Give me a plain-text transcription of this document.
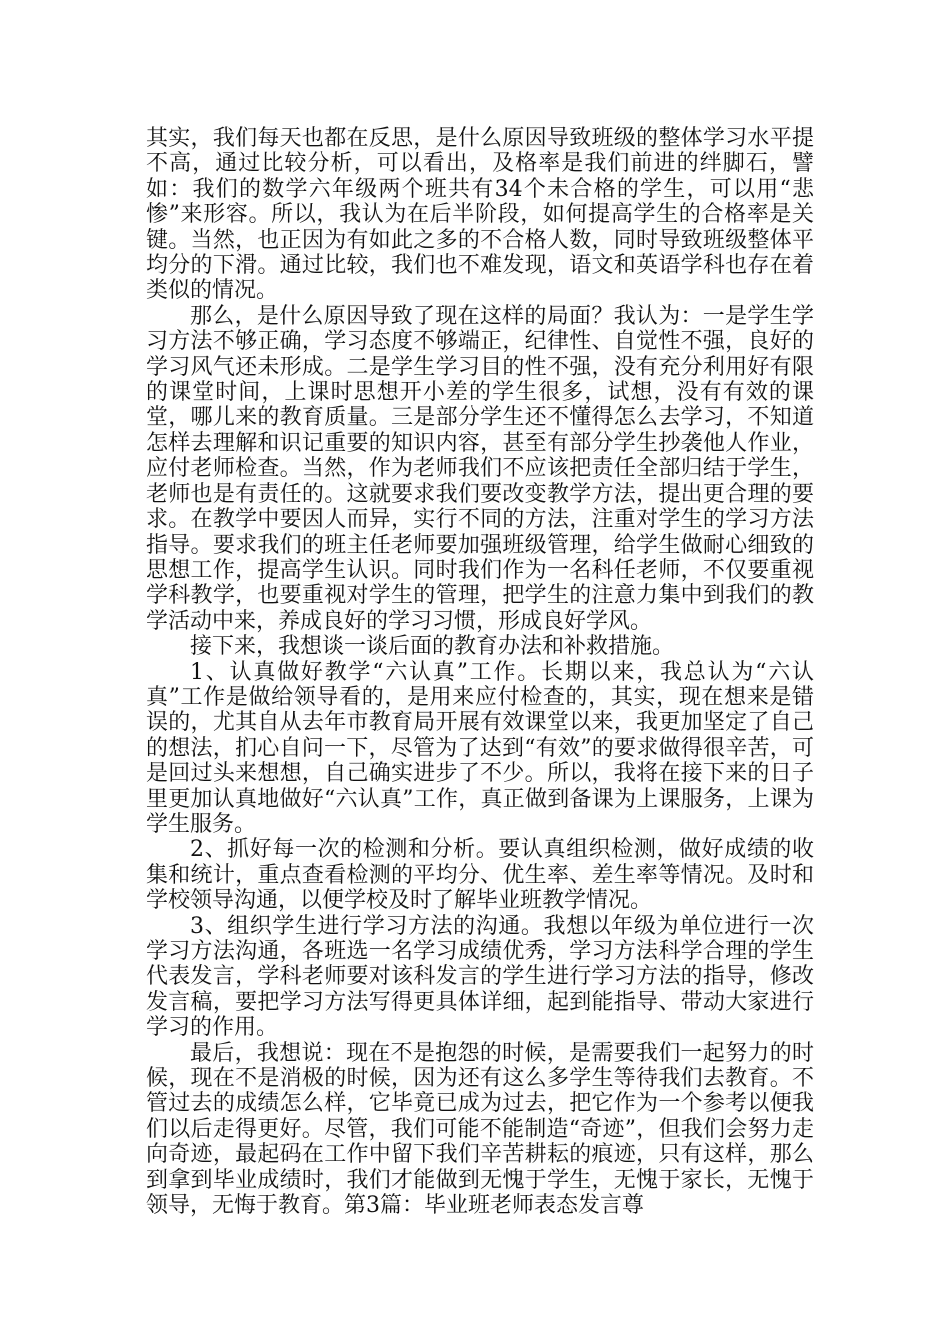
其实，我们每天也都在反思，是什么原因导致班级的整体学习水平提不高，通过比较分析，可以看出，及格率是我们前进的绊脚石，譬如：我们的数学六年级两个班共有34个未合格的学生，可以用“悲惨”来形容。所以，我认为在后半阶段，如何提高学生的合格率是关键。当然，也正因为有如此之多的不合格人数，同时导致班级整体平均分的下滑。通过比较，我们也不难发现，语文和英语学科也存在着类似的情况。

那么，是什么原因导致了现在这样的局面？我认为：一是学生学习方法不够正确，学习态度不够端正，纪律性、自觉性不强，良好的学习风气还未形成。二是学生学习目的性不强，没有充分利用好有限的课堂时间，上课时思想开小差的学生很多，试想，没有有效的课堂，哪儿来的教育质量。三是部分学生还不懂得怎么去学习，不知道怎样去理解和识记重要的知识内容，甚至有部分学生抄袭他人作业，应付老师检查。当然，作为老师我们不应该把责任全部归结于学生，老师也是有责任的。这就要求我们要改变教学方法，提出更合理的要求。在教学中要因人而异，实行不同的方法，注重对学生的学习方法指导。要求我们的班主任老师要加强班级管理，给学生做耐心细致的思想工作，提高学生认识。同时我们作为一名科任老师，不仅要重视学科教学，也要重视对学生的管理，把学生的注意力集中到我们的教学活动中来，养成良好的学习习惯，形成良好学风。

接下来，我想谈一谈后面的教育办法和补救措施。

1、认真做好教学“六认真”工作。长期以来，我总认为“六认真”工作是做给领导看的，是用来应付检查的，其实，现在想来是错误的，尤其自从去年市教育局开展有效课堂以来，我更加坚定了自己的想法，扪心自问一下，尽管为了达到“有效”的要求做得很辛苦，可是回过头来想想，自己确实进步了不少。所以，我将在接下来的日子里更加认真地做好“六认真”工作，真正做到备课为上课服务，上课为学生服务。

2、抓好每一次的检测和分析。要认真组织检测，做好成绩的收集和统计，重点查看检测的平均分、优生率、差生率等情况。及时和学校领导沟通，以便学校及时了解毕业班教学情况。

3、组织学生进行学习方法的沟通。我想以年级为单位进行一次学习方法沟通，各班选一名学习成绩优秀，学习方法科学合理的学生代表发言，学科老师要对该科发言的学生进行学习方法的指导，修改发言稿，要把学习方法写得更具体详细，起到能指导、带动大家进行学习的作用。

最后，我想说：现在不是抱怨的时候，是需要我们一起努力的时候，现在不是消极的时候，因为还有这么多学生等待我们去教育。不管过去的成绩怎么样，它毕竟已成为过去，把它作为一个参考以便我们以后走得更好。尽管，我们可能不能制造“奇迹”，但我们会努力走向奇迹，最起码在工作中留下我们辛苦耕耘的痕迹，只有这样，那么到拿到毕业成绩时，我们才能做到无愧于学生，无愧于家长，无愧于领导，无悔于教育。第3篇：毕业班老师表态发言尊
